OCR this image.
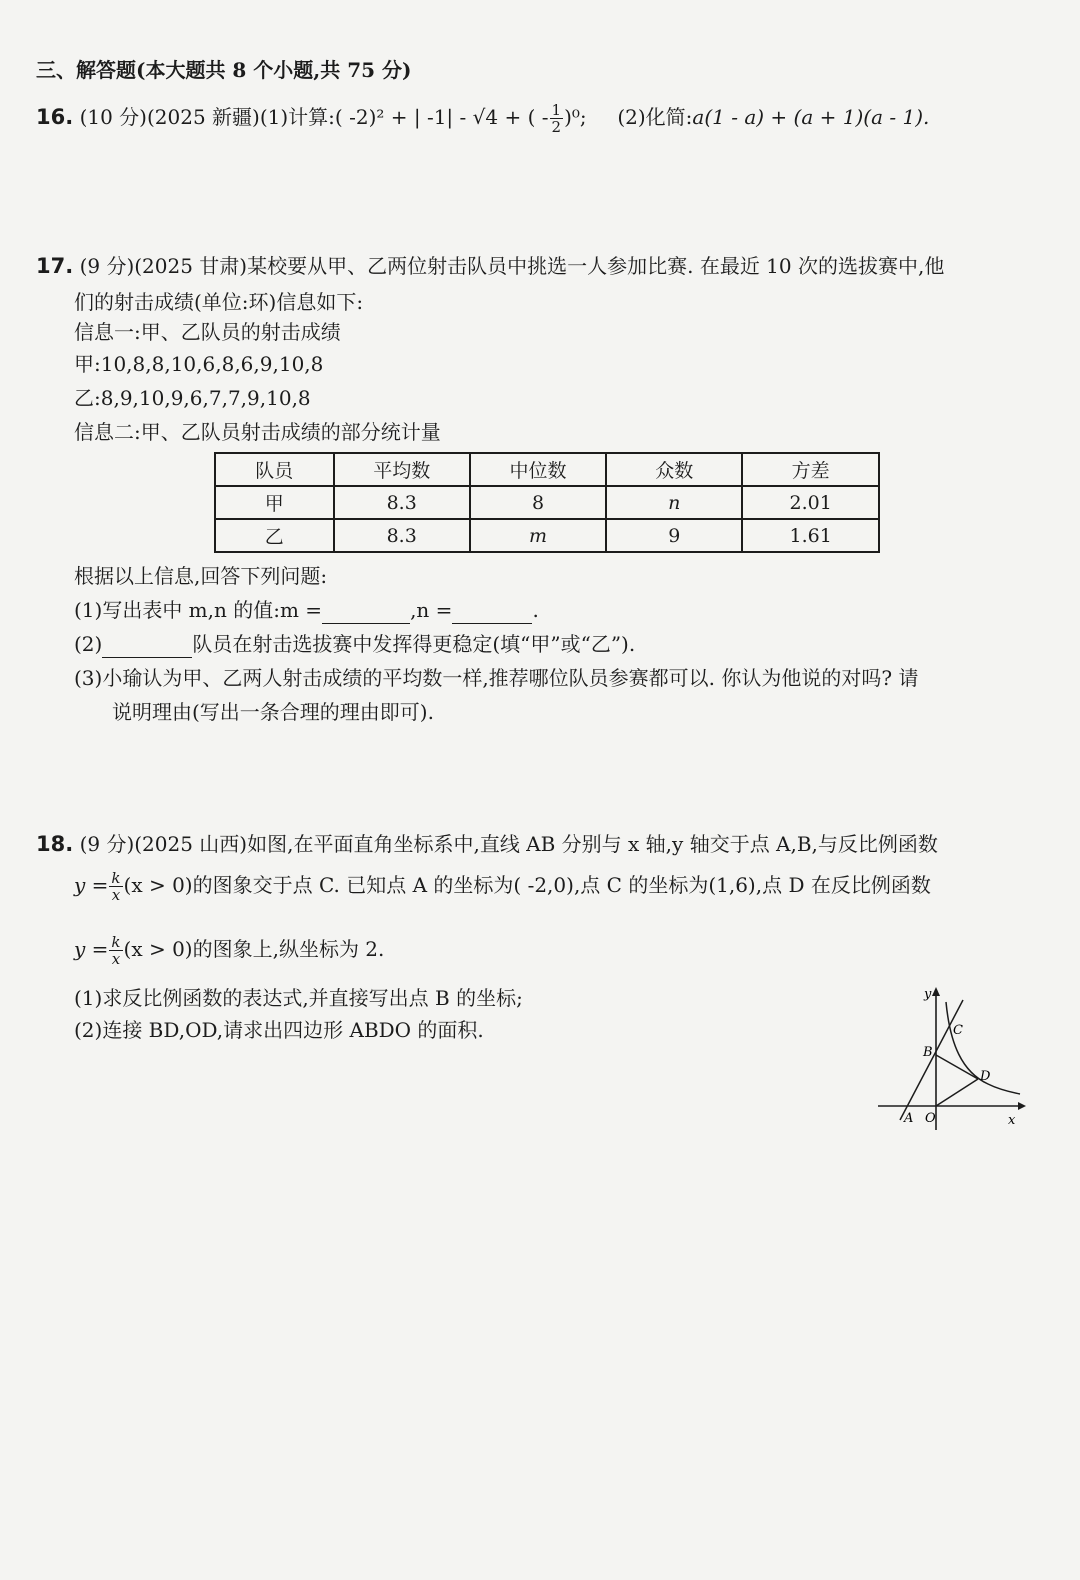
三、解答题(本大题共 8 个小题,共 75 分)
16. (10 分)(2025 新疆)(1)计算:( -2)² + | -1| - √4 + ( - $\frac{1}{2} )^0$; (2)化简:a(1 - a) + (a + 1)(a - 1).
17. (9 分)(2025 甘肃)某校要从甲、乙两位射击队员中挑选一人参加比赛. 在最近 10 次的选拔赛中,他
们的射击成绩(单位:环)信息如下:
信息一:甲、乙队员的射击成绩
甲:10,8,8,10,6,8,6,9,10,8
乙:8,9,10,9,6,7,7,9,10,8
信息二:甲、乙队员射击成绩的部分统计量
队员	平均数	中位数	众数	方差
甲	8.3	8	n	2.01
乙	8.3	m	9	1.61
根据以上信息,回答下列问题:
(1)写出表中 m,n 的值:m =	,n =	.
(2)	队员在射击选拔赛中发挥得更稳定(填“甲”或“乙”).
(3)小瑜认为甲、乙两人射击成绩的平均数一样,推荐哪位队员参赛都可以. 你认为他说的对吗? 请
说明理由(写出一条合理的理由即可).
18. (9 分)(2025 山西)如图,在平面直角坐标系中,直线 AB 分别与 x 轴,y 轴交于点 A,B,与反比例函数
$y = \frac{k}{x} (x > 0)$的图象交于点 C. 已知点 A 的坐标为( -2,0),点 C 的坐标为(1,6),点 D 在反比例函数
$y = \frac{k}{x} (x > 0)$的图象上,纵坐标为 2.
(1)求反比例函数的表达式,并直接写出点 B 的坐标;
(2)连接 BD,OD,请求出四边形 ABDO 的面积.
y
x
O
A
B
C
D
